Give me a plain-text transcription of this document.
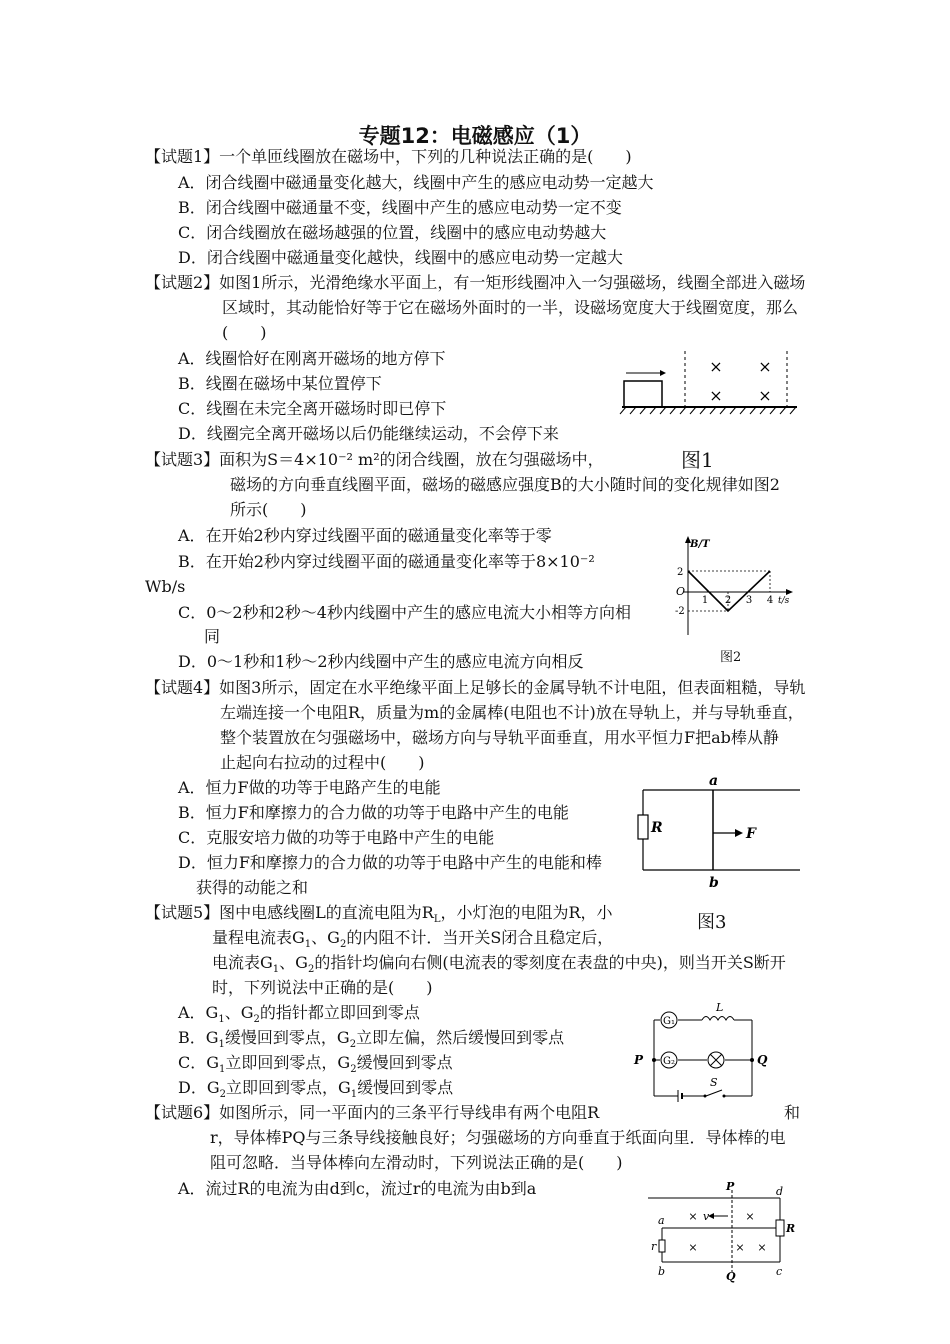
专题12：电磁感应（1）
【试题1】一个单匝线圈放在磁场中，下列的几种说法正确的是(　　)
A．闭合线圈中磁通量变化越大，线圈中产生的感应电动势一定越大
B．闭合线圈中磁通量不变，线圈中产生的感应电动势一定不变
C．闭合线圈放在磁场越强的位置，线圈中的感应电动势越大
D．闭合线圈中磁通量变化越快，线圈中的感应电动势一定越大
【试题2】如图1所示，光滑绝缘水平面上，有一矩形线圈冲入一匀强磁场，线圈全部进入磁场
区域时，其动能恰好等于它在磁场外面时的一半，设磁场宽度大于线圈宽度，那么
(　　)
A．线圈恰好在刚离开磁场的地方停下
B．线圈在磁场中某位置停下
C．线圈在未完全离开磁场时即已停下
D．线圈完全离开磁场以后仍能继续运动，不会停下来
× ×
× ×
图1
【试题3】面积为S＝4×10⁻² m²的闭合线圈，放在匀强磁场中，
磁场的方向垂直线圈平面，磁场的磁感应强度B的大小随时间的变化规律如图2
所示(　　)
A．在开始2秒内穿过线圈平面的磁通量变化率等于零
B．在开始2秒内穿过线圈平面的磁通量变化率等于8×10⁻²
Wb/s
C．0～2秒和2秒～4秒内线圈中产生的感应电流大小相等方向相
同
D．0～1秒和1秒～2秒内线圈中产生的感应电流方向相反
B/T
t/s
O
2
-2
1 2 3 4
图2
【试题4】如图3所示，固定在水平绝缘平面上足够长的金属导轨不计电阻，但表面粗糙，导轨
左端连接一个电阻R，质量为m的金属棒(电阻也不计)放在导轨上，并与导轨垂直，
整个装置放在匀强磁场中，磁场方向与导轨平面垂直，用水平恒力F把ab棒从静
止起向右拉动的过程中(　　)
A．恒力F做的功等于电路产生的电能
B．恒力F和摩擦力的合力做的功等于电路中产生的电能
C．克服安培力做的功等于电路中产生的电能
D．恒力F和摩擦力的合力做的功等于电路中产生的电能和棒
获得的动能之和
R
a
b
F
图3
【试题5】图中电感线圈L的直流电阻为$R_L$，小灯泡的电阻为R，小
量程电流表$G_1$、$G_2$的内阻不计．当开关S闭合且稳定后，
电流表$G_1$、$G_2$的指针均偏向右侧(电流表的零刻度在表盘的中央)，则当开关S断开
时，下列说法中正确的是(　　)
A．$G_1$、$G_2$的指针都立即回到零点
B．$G_1$缓慢回到零点，$G_2$立即左偏，然后缓慢回到零点
C．$G_1$立即回到零点，$G_2$缓慢回到零点
D．$G_2$立即回到零点，$G_1$缓慢回到零点
L
G₁
G₂
P	Q
S
【试题6】如图所示，同一平面内的三条平行导线串有两个电阻R	和
r，导体棒PQ与三条导线接触良好；匀强磁场的方向垂直于纸面向里．导体棒的电
阻可忽略．当导体棒向左滑动时，下列说法正确的是(　　)
A．流过R的电流为由d到c，流过r的电流为由b到a
r
R
P
Q
a
b	c
d
v
×	×
×	× ×
